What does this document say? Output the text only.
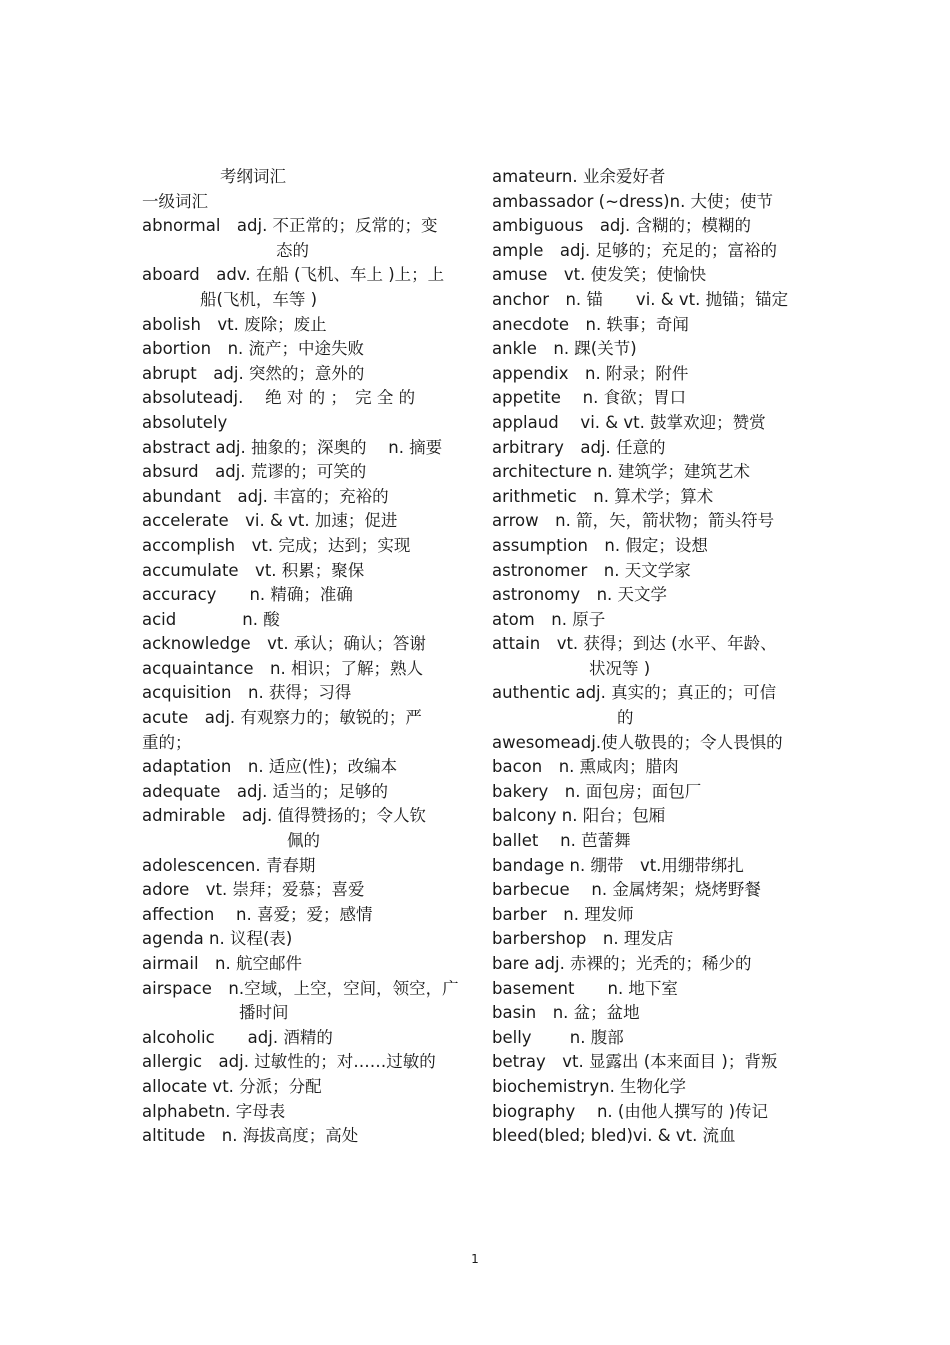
考纲词汇
一级词汇
abnormal　adj. 不正常的；反常的；变
态的
aboard　adv. 在船 (飞机、车上 )上；上
船(飞机，车等 )
abolish　vt. 废除；废止
abortion　n. 流产；中途失败
abrupt　adj. 突然的；意外的
absoluteadj. 　绝 对 的 ；　完 全 的
absolutely
abstract adj. 抽象的；深奥的　 n. 摘要
absurd　adj. 荒谬的；可笑的
abundant　adj. 丰富的；充裕的
accelerate　vi. & vt. 加速；促进
accomplish　vt. 完成；达到；实现
accumulate　vt. 积累；聚保
accuracy　　n. 精确；准确
acid　　　　n. 酸
acknowledge　vt. 承认；确认；答谢
acquaintance　n. 相识；了解；熟人
acquisition　n. 获得；习得
acute　adj. 有观察力的；敏锐的；严
重的；
adaptation　n. 适应(性)；改编本
adequate　adj. 适当的；足够的
admirable　adj. 值得赞扬的；令人钦
佩的
adolescencen. 青春期
adore　vt. 崇拜；爱慕；喜爱
affection　 n. 喜爱；爱；感情
agenda n. 议程(表)
airmail　n. 航空邮件
airspace　n.空域，上空，空间，领空，广
播时间
alcoholic　　adj. 酒精的
allergic　adj. 过敏性的；对……过敏的
allocate vt. 分派；分配
alphabetn. 字母表
altitude　n. 海拔高度；高处
amateurn. 业余爱好者
ambassador (~dress)n. 大使；使节
ambiguous　adj. 含糊的；模糊的
ample　adj. 足够的；充足的；富裕的
amuse　vt. 使发笑；使愉快
anchor　n. 锚　　vi. & vt. 抛锚；锚定
anecdote　n. 轶事；奇闻
ankle　n. 踝(关节)
appendix　n. 附录；附件
appetite　 n. 食欲；胃口
applaud　 vi. & vt. 鼓掌欢迎；赞赏
arbitrary　adj. 任意的
architecture n. 建筑学；建筑艺术
arithmetic　n. 算术学；算术
arrow　n. 箭，矢，箭状物；箭头符号
assumption　n. 假定；设想
astronomer　n. 天文学家
astronomy　n. 天文学
atom　n. 原子
attain　vt. 获得；到达 (水平、年龄、
状况等 )
authentic adj. 真实的；真正的；可信
的
awesomeadj.使人敬畏的；令人畏惧的
bacon　n. 熏咸肉；腊肉
bakery　n. 面包房；面包厂
balcony n. 阳台；包厢
ballet　 n. 芭蕾舞
bandage n. 绷带　vt.用绷带绑扎
barbecue　 n. 金属烤架；烧烤野餐
barber　n. 理发师
barbershop　n. 理发店
bare adj. 赤裸的；光秃的；稀少的
basement　　n. 地下室
basin　n. 盆；盆地
belly　　 n. 腹部
betray　vt. 显露出 (本来面目 )；背叛
biochemistryn. 生物化学
biography　 n. (由他人撰写的 )传记
bleed(bled; bled)vi. & vt. 流血
1
